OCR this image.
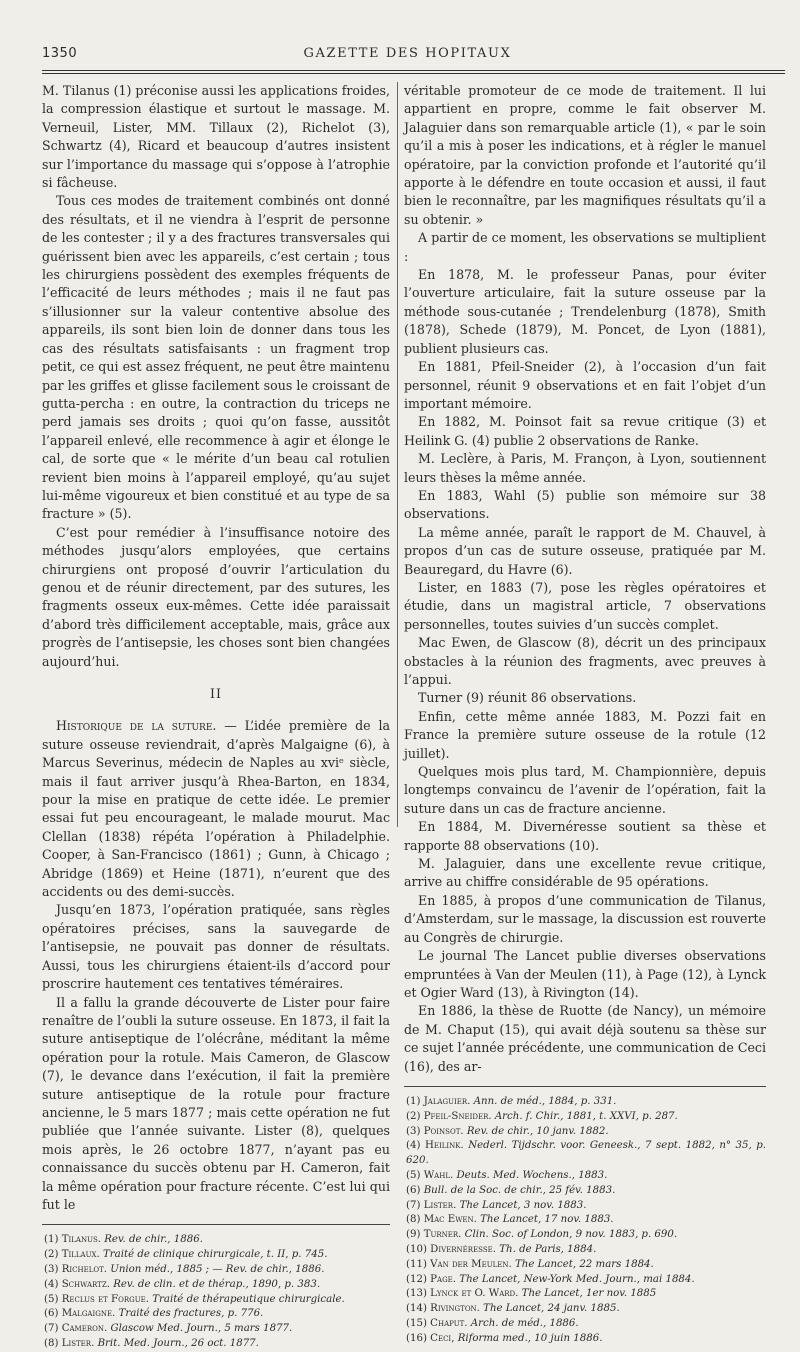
1350	GAZETTE DES HOPITAUX

M. Tilanus (1) préconise aussi les applications froides, la compression élastique et surtout le massage. M. Verneuil, Lister, MM. Tillaux (2), Richelot (3), Schwartz (4), Ricard et beaucoup d’autres insistent sur l’importance du massage qui s’oppose à l’atrophie si fâcheuse.

Tous ces modes de traitement combinés ont donné des résultats, et il ne viendra à l’esprit de personne de les contester ; il y a des fractures transversales qui guérissent bien avec les appareils, c’est certain ; tous les chirurgiens possèdent des exemples fréquents de l’efficacité de leurs méthodes ; mais il ne faut pas s’illusionner sur la valeur contentive absolue des appareils, ils sont bien loin de donner dans tous les cas des résultats satisfaisants : un fragment trop petit, ce qui est assez fréquent, ne peut être maintenu par les griffes et glisse facilement sous le croissant de gutta-percha : en outre, la contraction du triceps ne perd jamais ses droits ; quoi qu’on fasse, aussitôt l’appareil enlevé, elle recommence à agir et élonge le cal, de sorte que « le mérite d’un beau cal rotulien revient bien moins à l’appareil employé, qu’au sujet lui-même vigoureux et bien constitué et au type de sa fracture » (5).

C’est pour remédier à l’insuffisance notoire des méthodes jusqu’alors employées, que certains chirurgiens ont proposé d’ouvrir l’articulation du genou et de réunir directement, par des sutures, les fragments osseux eux-mêmes. Cette idée paraissait d’abord très difficilement acceptable, mais, grâce aux progrès de l’antisepsie, les choses sont bien changées aujourd’hui.

II

Historique de la suture. — L’idée première de la suture osseuse reviendrait, d’après Malgaigne (6), à Marcus Severinus, médecin de Naples au xviᵉ siècle, mais il faut arriver jusqu’à Rhea-Barton, en 1834, pour la mise en pratique de cette idée. Le premier essai fut peu encourageant, le malade mourut. Mac Clellan (1838) répéta l’opération à Philadelphie. Cooper, à San-Francisco (1861) ; Gunn, à Chicago ; Abridge (1869) et Heine (1871), n’eurent que des accidents ou des demi-succès.

Jusqu’en 1873, l’opération pratiquée, sans règles opératoires précises, sans la sauvegarde de l’antisepsie, ne pouvait pas donner de résultats. Aussi, tous les chirurgiens étaient-ils d’accord pour proscrire hautement ces tentatives téméraires.

Il a fallu la grande découverte de Lister pour faire renaître de l’oubli la suture osseuse. En 1873, il fait la suture antiseptique de l’olécrâne, méditant la même opération pour la rotule. Mais Cameron, de Glascow (7), le devance dans l’exécution, il fait la première suture antiseptique de la rotule pour fracture ancienne, le 5 mars 1877 ; mais cette opération ne fut publiée que l’année suivante. Lister (8), quelques mois après, le 26 octobre 1877, n’ayant pas eu connaissance du succès obtenu par H. Cameron, fait la même opération pour fracture récente. C’est lui qui fut le

(1) Tilanus. Rev. de chir., 1886.

(2) Tillaux. Traité de clinique chirurgicale, t. II, p. 745.

(3) Richelot. Union méd., 1885 ; — Rev. de chir., 1886.

(4) Schwartz. Rev. de clin. et de thérap., 1890, p. 383.

(5) Reclus et Forgue. Traité de thérapeutique chirurgicale.

(6) Malgaigne. Traité des fractures, p. 776.

(7) Cameron. Glascow Med. Journ., 5 mars 1877.

(8) Lister. Brit. Med. Journ., 26 oct. 1877.

véritable promoteur de ce mode de traitement. Il lui appartient en propre, comme le fait observer M. Jalaguier dans son remarquable article (1), « par le soin qu’il a mis à poser les indications, et à régler le manuel opératoire, par la conviction profonde et l’autorité qu’il apporte à le défendre en toute occasion et aussi, il faut bien le reconnaître, par les magnifiques résultats qu’il a su obtenir. »

A partir de ce moment, les observations se multiplient :

En 1878, M. le professeur Panas, pour éviter l’ouverture articulaire, fait la suture osseuse par la méthode sous-cutanée ; Trendelenburg (1878), Smith (1878), Schede (1879), M. Poncet, de Lyon (1881), publient plusieurs cas.

En 1881, Pfeil-Sneider (2), à l’occasion d’un fait personnel, réunit 9 observations et en fait l’objet d’un important mémoire.

En 1882, M. Poinsot fait sa revue critique (3) et Heilink G. (4) publie 2 observations de Ranke.

M. Leclère, à Paris, M. Françon, à Lyon, soutiennent leurs thèses la même année.

En 1883, Wahl (5) publie son mémoire sur 38 observations.

La même année, paraît le rapport de M. Chauvel, à propos d’un cas de suture osseuse, pratiquée par M. Beauregard, du Havre (6).

Lister, en 1883 (7), pose les règles opératoires et étudie, dans un magistral article, 7 observations personnelles, toutes suivies d’un succès complet.

Mac Ewen, de Glascow (8), décrit un des principaux obstacles à la réunion des fragments, avec preuves à l’appui.

Turner (9) réunit 86 observations.

Enfin, cette même année 1883, M. Pozzi fait en France la première suture osseuse de la rotule (12 juillet).

Quelques mois plus tard, M. Championnière, depuis longtemps convaincu de l’avenir de l’opération, fait la suture dans un cas de fracture ancienne.

En 1884, M. Divernéresse soutient sa thèse et rapporte 88 observations (10).

M. Jalaguier, dans une excellente revue critique, arrive au chiffre considérable de 95 opérations.

En 1885, à propos d’une communication de Tilanus, d’Amsterdam, sur le massage, la discussion est rouverte au Congrès de chirurgie.

Le journal The Lancet publie diverses observations empruntées à Van der Meulen (11), à Page (12), à Lynck et Ogier Ward (13), à Rivington (14).

En 1886, la thèse de Ruotte (de Nancy), un mémoire de M. Chaput (15), qui avait déjà soutenu sa thèse sur ce sujet l’année précédente, une communication de Ceci (16), des ar-

(1) Jalaguier. Ann. de méd., 1884, p. 331.

(2) Pfeil-Sneider. Arch. f. Chir., 1881, t. XXVI, p. 287.

(3) Poinsot. Rev. de chir., 10 janv. 1882.

(4) Heilink. Nederl. Tijdschr. voor. Geneesk., 7 sept. 1882, n° 35, p. 620.

(5) Wahl. Deuts. Med. Wochens., 1883.

(6) Bull. de la Soc. de chir., 25 fév. 1883.

(7) Lister. The Lancet, 3 nov. 1883.

(8) Mac Ewen. The Lancet, 17 nov. 1883.

(9) Turner. Clin. Soc. of London, 9 nov. 1883, p. 690.

(10) Divernéresse. Th. de Paris, 1884.

(11) Van der Meulen. The Lancet, 22 mars 1884.

(12) Page. The Lancet, New-York Med. Journ., mai 1884.

(13) Lynck et O. Ward. The Lancet, 1er nov. 1885

(14) Rivington. The Lancet, 24 janv. 1885.

(15) Chaput. Arch. de méd., 1886.

(16) Ceci, Riforma med., 10 juin 1886.
